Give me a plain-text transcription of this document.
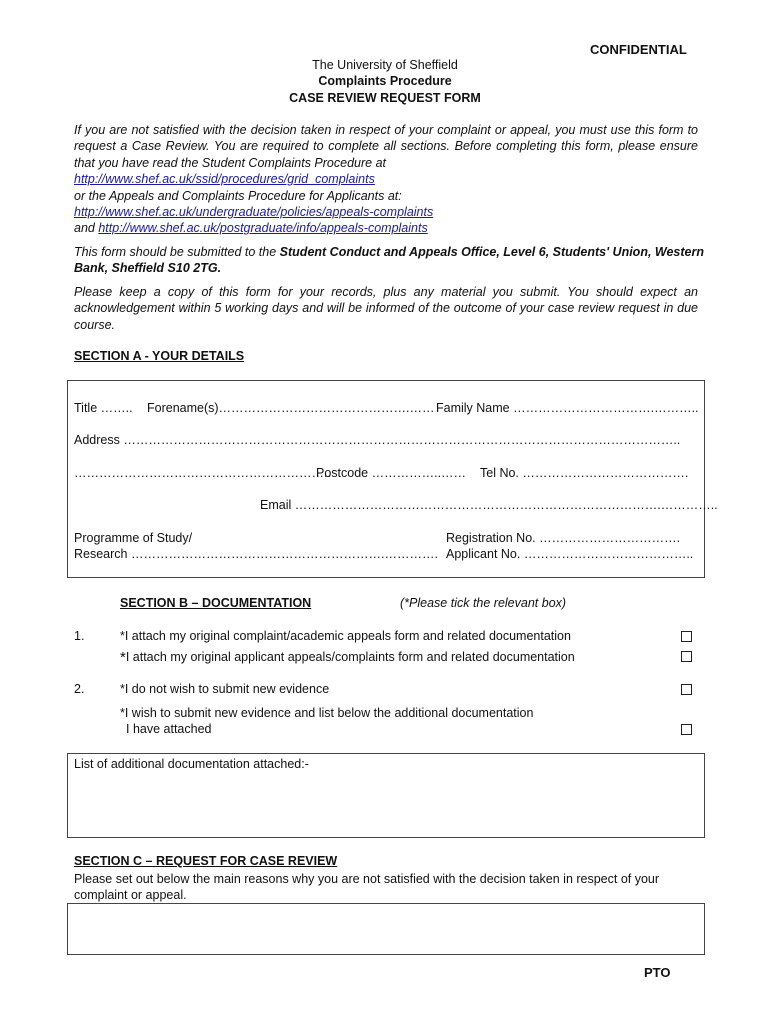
CONFIDENTIAL
The University of Sheffield
Complaints Procedure
CASE REVIEW REQUEST FORM
If you are not satisfied with the decision taken in respect of your complaint or appeal, you must use this form to request a Case Review. You are required to complete all sections. Before completing this form, please ensure that you have read the Student Complaints Procedure at
http://www.shef.ac.uk/ssid/procedures/grid_complaints
or the Appeals and Complaints Procedure for Applicants at:
http://www.shef.ac.uk/undergraduate/policies/appeals-complaints
and http://www.shef.ac.uk/postgraduate/info/appeals-complaints
This form should be submitted to the Student Conduct and Appeals Office, Level 6, Students' Union, Western Bank, Sheffield S10 2TG.
Please keep a copy of this form for your records, plus any material you submit. You should expect an acknowledgement within 5 working days and will be informed of the outcome of your case review request in due course.
SECTION A - YOUR DETAILS
Title …….. Forename(s)……………………………………….…… Family Name …………………………….………..
Address ……………………………………………………………………………………………………………………..
……………………………………………………..
Postcode ……………..…… Tel No. ………………………………….
Email …………………………………………………………………………….…………..
Programme of Study/
Research …………………………………………………….………….
Registration No. …………………………….
Applicant No. …………………………………..
SECTION B – DOCUMENTATION	(*Please tick the relevant box)
1.	*I attach my original complaint/academic appeals form and related documentation
*I attach my original applicant appeals/complaints form and related documentation
2.	*I do not wish to submit new evidence
*I wish to submit new evidence and list below the additional documentation
I have attached
List of additional documentation attached:-
SECTION C – REQUEST FOR CASE REVIEW
Please set out below the main reasons why you are not satisfied with the decision taken in respect of your complaint or appeal.
PTO
